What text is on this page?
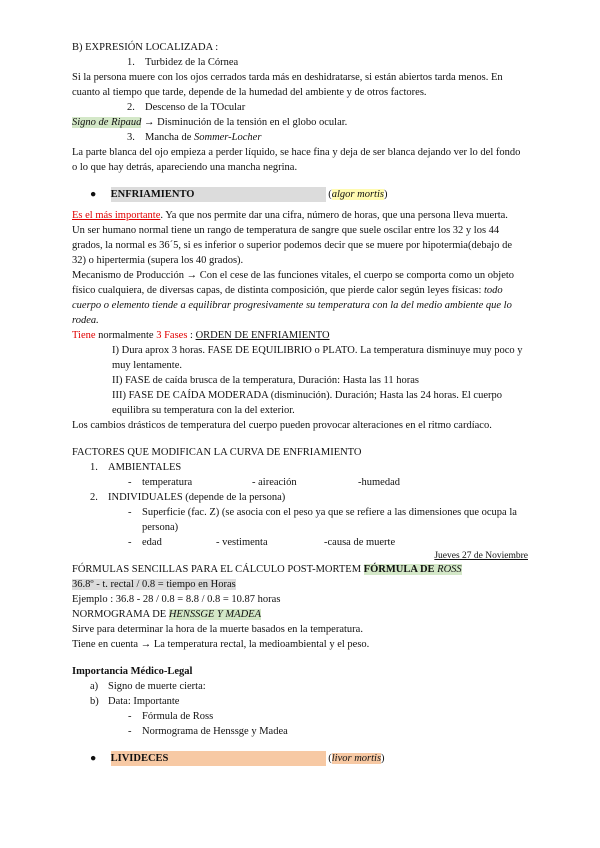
B) EXPRESIÓN LOCALIZADA :
1. Turbidez de la Córnea
Si la persona muere con los ojos cerrados tarda más en deshidratarse, si están abiertos tarda menos. En cuanto al tiempo que tarde, depende de la humedad del ambiente y de otros factores.
2. Descenso de la TOcular
Signo de Ripaud → Disminución de la tensión en el globo ocular.
3. Mancha de Sommer-Locher
La parte blanca del ojo empieza a perder líquido, se hace fina y deja de ser blanca dejando ver lo del fondo o lo que hay detrás, apareciendo una mancha negrina.
● ENFRIAMIENTO	(algor mortis)
Es el más importante. Ya que nos permite dar una cifra, número de horas, que una persona lleva muerta.
Un ser humano normal tiene un rango de temperatura de sangre que suele oscilar entre los 32 y los 44 grados, la normal es 36´5, si es inferior o superior podemos decir que se muere por hipotermia(debajo de 32) o hipertermia (supera los 40 grados).
Mecanismo de Producción → Con el cese de las funciones vitales, el cuerpo se comporta como un objeto físico cualquiera, de diversas capas, de distinta composición, que pierde calor según leyes físicas: todo cuerpo o elemento tiende a equilibrar progresivamente su temperatura con la del medio ambiente que lo rodea.
Tiene normalmente 3 Fases : ORDEN DE ENFRIAMIENTO
I) Dura aprox 3 horas. FASE DE EQUILIBRIO o PLATO. La temperatura disminuye muy poco y muy lentamente.
II) FASE de caída brusca de la temperatura, Duración: Hasta las 11 horas
III) FASE DE CAÍDA MODERADA (disminución). Duración; Hasta las 24 horas. El cuerpo equilibra su temperatura con la del exterior.
Los cambios drásticos de temperatura del cuerpo pueden provocar alteraciones en el ritmo cardíaco.
FACTORES QUE MODIFICAN LA CURVA DE ENFRIAMIENTO
1. AMBIENTALES
- temperatura	- aireación	-humedad
2. INDIVIDUALES (depende de la persona)
-	Superficie (fac. Z) (se asocia con el peso ya que se refiere a las dimensiones que ocupa la persona)
- edad	- vestimenta	-causa de muerte
Jueves 27 de Noviembre
FÓRMULAS SENCILLAS PARA EL CÁLCULO POST-MORTEM FÓRMULA DE ROSS
36.8º - t. rectal / 0.8 = tiempo en Horas
Ejemplo : 36.8 - 28 / 0.8 = 8.8 / 0.8 = 10.87 horas
NORMOGRAMA DE HENSSGE Y MADEA
Sirve para determinar la hora de la muerte basados en la temperatura.
Tiene en cuenta → La temperatura rectal, la medioambiental y el peso.
Importancia Médico-Legal
a) Signo de muerte cierta:
b) Data: Importante
- Fórmula de Ross
- Normograma de Henssge y Madea
● LIVIDECES	(livor mortis)
